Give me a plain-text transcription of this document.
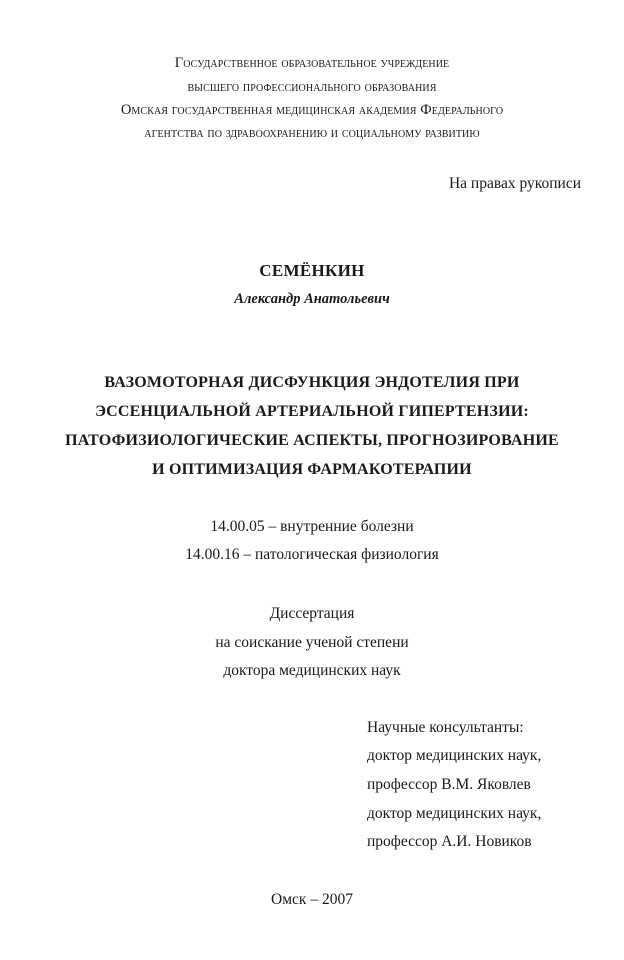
Государственное образовательное учреждение
высшего профессионального образования
Омская государственная медицинская академия Федерального
агентства по здравоохранению и социальному развитию
На правах рукописи
СЕМЁНКИН
Александр Анатольевич
ВАЗОМОТОРНАЯ ДИСФУНКЦИЯ ЭНДОТЕЛИЯ ПРИ
ЭССЕНЦИАЛЬНОЙ АРТЕРИАЛЬНОЙ ГИПЕРТЕНЗИИ:
ПАТОФИЗИОЛОГИЧЕСКИЕ АСПЕКТЫ, ПРОГНОЗИРОВАНИЕ
И ОПТИМИЗАЦИЯ ФАРМАКОТЕРАПИИ
14.00.05 – внутренние болезни
14.00.16 – патологическая физиология
Диссертация
на соискание ученой степени
доктора медицинских наук
Научные консультанты:
доктор медицинских наук,
профессор В.М. Яковлев
доктор медицинских наук,
профессор А.И. Новиков
Омск – 2007
